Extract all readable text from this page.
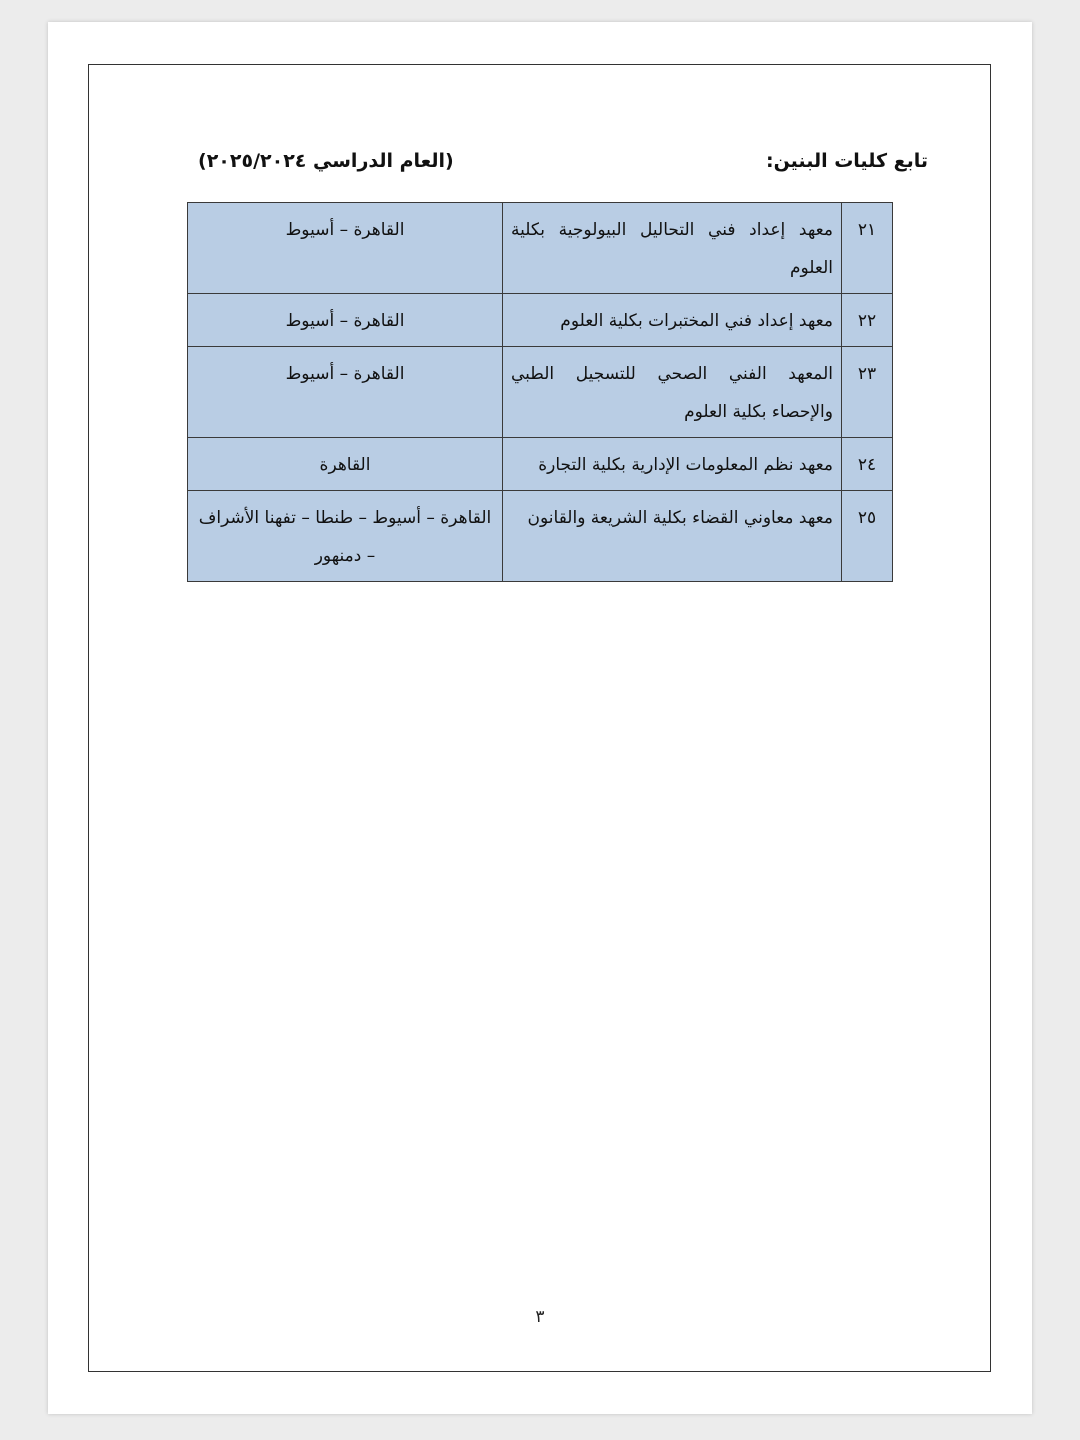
تابع كليات البنين:
(العام الدراسي ٢٠٢٥/٢٠٢٤)
٢١	معهد إعداد فني التحاليل البيولوجية بكلية العلوم	القاهرة – أسيوط
٢٢	معهد إعداد فني المختبرات بكلية العلوم	القاهرة – أسيوط
٢٣	المعهد الفني الصحي للتسجيل الطبي والإحصاء بكلية العلوم	القاهرة – أسيوط
٢٤	معهد نظم المعلومات الإدارية بكلية التجارة	القاهرة
٢٥	معهد معاوني القضاء بكلية الشريعة والقانون	القاهرة – أسيوط – طنطا – تفهنا الأشراف – دمنهور
٣
